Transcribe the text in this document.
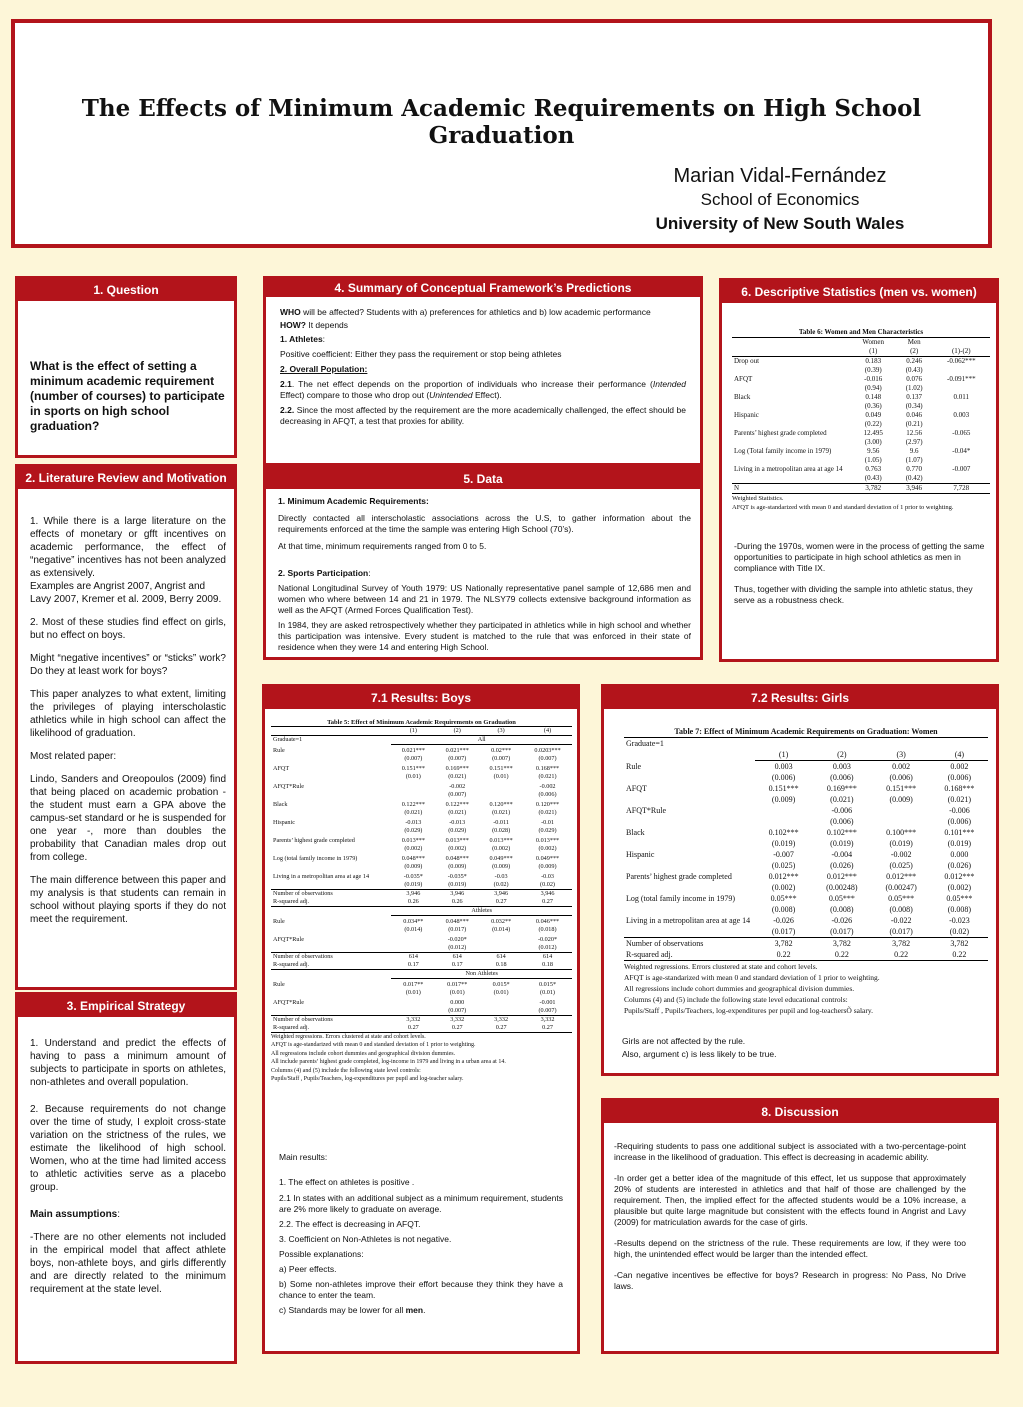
The Effects of Minimum Academic Requirements on High School Graduation
Marian Vidal-Fernández
School of Economics
University of New South Wales
1. Question
What is the effect of setting a minimum academic requirement (number of courses) to participate in sports on high school graduation?
2. Literature Review and Motivation

1. While there is a large literature on the effects of monetary or gfft incentives on academic performance, the effect of “negative” incentives has not been analyzed as extensively.

Examples are Angrist 2007, Angrist and Lavy 2007, Kremer et al. 2009, Berry 2009.

2. Most of these studies find effect on girls, but no effect on boys.

Might “negative incentives” or “sticks” work? Do they at least work for boys?

This paper analyzes to what extent, limiting the privileges of playing interscholastic athletics while in high school can affect the likelihood of graduation.

Most related paper:

Lindo, Sanders and Oreopoulos (2009) find that being placed on academic probation - the student must earn a GPA above the campus-set standard or he is suspended for one year -, more than doubles the probability that Canadian males drop out from college.

The main difference between this paper and my analysis is that students can remain in school without playing sports if they do not meet the requirement.

3. Empirical Strategy

1. Understand and predict the effects of having to pass a minimum amount of subjects to participate in sports on athletes, non-athletes and overall population.

2. Because requirements do not change over the time of study, I exploit cross-state variation on the strictness of the rules, we estimate the likelihood of high school. Women, who at the time had limited access to athletic activities serve as a placebo group.

Main assumptions:

-There are no other elements not included in the empirical model that affect athlete boys, non-athlete boys, and girls differently and are directly related to the minimum requirement at the state level.

4. Summary of Conceptual Framework’s Predictions
WHO will be affected? Students with a) preferences for athletics and b) low academic performance
HOW? It depends
1. Athletes:
Positive coefficient: Either they pass the requirement or stop being athletes
2. Overall Population:
2.1. The net effect depends on the proportion of individuals who increase their performance (Intended Effect) compare to those who drop out (Unintended Effect).
2.2. Since the most affected by the requirement are the more academically challenged, the effect should be decreasing in AFQT, a test that proxies for ability.
5. Data
1. Minimum Academic Requirements:
Directly contacted all interscholastic associations across the U.S, to gather information about the requirements enforced at the time the sample was entering High School (70’s).
At that time, minimum requirements ranged from 0 to 5.
2. Sports Participation:
National Longitudinal Survey of Youth 1979: US Nationally representative panel sample of 12,686 men and women who where between 14 and 21 in 1979. The NLSY79 collects extensive background information as well as the AFQT (Armed Forces Qualification Test).
In 1984, they are asked retrospectively whether they participated in athletics while in high school and whether this participation was intensive. Every student is matched to the rule that was enforced in their state of residence when they were 14 and entering High School.
6. Descriptive Statistics (men vs. women)
Table 6: Women and Men Characteristics
	Women	Men	
	(1)	(2)	(1)-(2)
Drop out	0.183	0.246	-0.062***
	(0.39)	(0.43)	
AFQT	-0.016	0.076	-0.091***
	(0.94)	(1.02)	
Black	0.148	0.137	0.011
	(0.36)	(0.34)	
Hispanic	0.049	0.046	0.003
	(0.22)	(0.21)	
Parents’ highest grade completed	12.495	12.56	-0.065
	(3.00)	(2.97)	
Log (Total family income in 1979)	9.56	9.6	-0.04*
	(1.05)	(1.07)	
Living in a metropolitan area at age 14	0.763	0.770	-0.007
	(0.43)	(0.42)	
N	3,782	3,946	7,728
Weighted Statistics.
AFQT is age-standarized with mean 0 and standard deviation of 1 prior to weighting.
-During the 1970s, women were in the process of getting the same opportunities to participate in high school athletics as men in compliance with Title IX.
Thus, together with dividing the sample into athletic status, they serve as a robustness check.
7.1 Results: Boys
Table 5: Effect of Minimum Academic Requirements on Graduation
	(1)	(2)	(3)	(4)
Graduate=1	All			
Rule	0.021***	0.021***	0.02***	0.0203***
	(0.007)	(0.007)	(0.007)	(0.007)
AFQT	0.151***	0.169***	0.151***	0.168***
	(0.01)	(0.021)	(0.01)	(0.021)
AFQT*Rule		-0.002		-0.002
		(0.007)		(0.006)
Black	0.122***	0.122***	0.120***	0.120***
	(0.021)	(0.021)	(0.021)	(0.021)
Hispanic	-0.013	-0.013	-0.011	-0.01
	(0.029)	(0.029)	(0.028)	(0.029)
Parents’ highest grade completed	0.013***	0.013***	0.013***	0.013***
	(0.002)	(0.002)	(0.002)	(0.002)
Log (total family income in 1979)	0.048***	0.048***	0.049***	0.049***
	(0.009)	(0.009)	(0.009)	(0.009)
Living in a metropolitan area at age 14	-0.035*	-0.035*	-0.03	-0.03
	(0.019)	(0.019)	(0.02)	(0.02)
Number of observations	3,946	3,946	3,946	3,946
R-squared adj.	0.26	0.26	0.27	0.27
	Athletes			
Rule	0.034**	0.048***	0.032**	0.046***
	(0.014)	(0.017)	(0.014)	(0.018)
AFQT*Rule		-0.020*		-0.020*
		(0.012)		(0.012)
Number of observations	614	614	614	614
R-squared adj.	0.17	0.17	0.18	0.18
	Non Athletes			
Rule	0.017**	0.017**	0.015*	0.015*
	(0.01)	(0.01)	(0.01)	(0.01)
AFQT*Rule		0.000		-0.001
		(0.007)		(0.007)
Number of observations	3,332	3,332	3,332	3,332
R-squared adj.	0.27	0.27	0.27	0.27
Weighted regressions. Errors clustered at state and cohort levels.
AFQT is age-standarized with mean 0 and standard deviation of 1 prior to weighting.
All regressions include cohort dummies and geographical division dummies.
All include parents’ highest grade completed, log-income in 1979 and living in a urban area at 14.
Columns (4) and (5) include the following state level controls:
Pupils/Staff , Pupils/Teachers, log-expenditures per pupil and log-teacher salary.
Main results:
1. The effect on athletes is positive .
2.1 In states with an additional subject as a minimum requirement, students are 2% more likely to graduate on average.
2.2. The effect is decreasing in AFQT.
3. Coefficient on Non-Athletes is not negative.
Possible explanations:
a) Peer effects.
b) Some non-athletes improve their effort because they think they have a chance to enter the team.
c) Standards may be lower for all men.
7.2 Results: Girls
Table 7: Effect of Minimum Academic Requirements on Graduation: Women
Graduate=1				
	(1)	(2)	(3)	(4)
Rule	0.003	0.003	0.002	0.002
	(0.006)	(0.006)	(0.006)	(0.006)
AFQT	0.151***	0.169***	0.151***	0.168***
	(0.009)	(0.021)	(0.009)	(0.021)
AFQT*Rule		-0.006		-0.006
		(0.006)		(0.006)
Black	0.102***	0.102***	0.100***	0.101***
	(0.019)	(0.019)	(0.019)	(0.019)
Hispanic	-0.007	-0.004	-0.002	0.000
	(0.025)	(0.026)	(0.025)	(0.026)
Parents’ highest grade completed	0.012***	0.012***	0.012***	0.012***
	(0.002)	(0.00248)	(0.00247)	(0.002)
Log (total family income in 1979)	0.05***	0.05***	0.05***	0.05***
	(0.008)	(0.008)	(0.008)	(0.008)
Living in a metropolitan area at age 14	-0.026	-0.026	-0.022	-0.023
	(0.017)	(0.017)	(0.017)	(0.02)
Number of observations	3,782	3,782	3,782	3,782
R-squared adj.	0.22	0.22	0.22	0.22
Weighted regressions. Errors clustered at state and cohort levels.
AFQT is age-standarized with mean 0 and standard deviation of 1 prior to weighting.
All regressions include cohort dummies and geographical division dummies.
Columns (4) and (5) include the following state level educational controls:
Pupils/Staff , Pupils/Teachers, log-expenditures per pupil and log-teachersÕ salary.
Girls are not affected by the rule.
Also, argument c) is less likely to be true.
8. Discussion
-Requiring students to pass one additional subject is associated with a two-percentage-point increase in the likelihood of graduation. This effect is decreasing in academic ability.
-In order get a better idea of the magnitude of this effect, let us suppose that approximately 20% of students are interested in athletics and that half of those are challenged by the requirement. Then, the implied effect for the affected students would be a 10% increase, a plausible but quite large magnitude but consistent with the effects found in Angrist and Lavy (2009) for matriculation awards for the case of girls.
-Results depend on the strictness of the rule. These requirements are low, if they were too high, the unintended effect would be larger than the intended effect.
-Can negative incentives be effective for boys? Research in progress: No Pass, No Drive laws.
